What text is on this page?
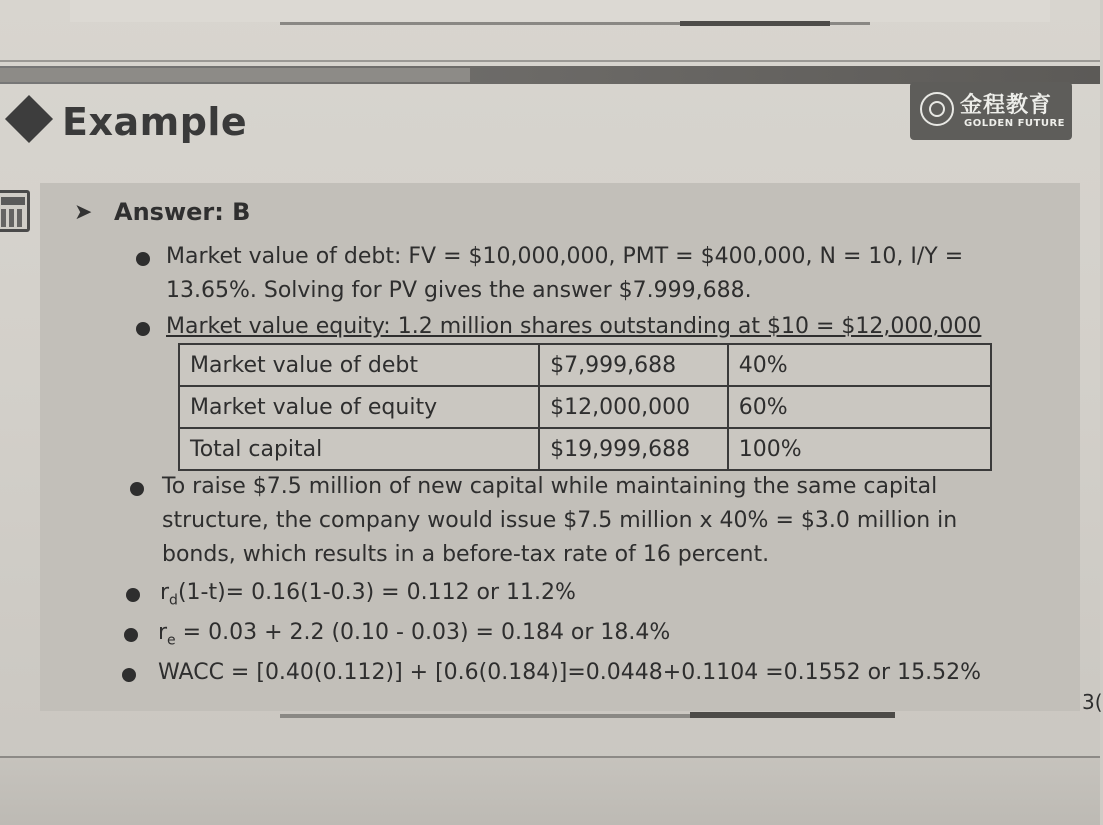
Example	金程教育
GOLDEN FUTURE
➤ Answer: B
Market value of debt: FV = $10,000,000, PMT = $400,000, N = 10, I/Y =
13.65%. Solving for PV gives the answer $7.999,688.
Market value equity: 1.2 million shares outstanding at $10 = $12,000,000
Market value of debt	$7,999,688	40%
Market value of equity	$12,000,000	60%
Total capital	$19,999,688	100%
To raise $7.5 million of new capital while maintaining the same capital
structure, the company would issue $7.5 million x 40% = $3.0 million in
bonds, which results in a before-tax rate of 16 percent.
$r_d(1-t)= 0.16(1-0.3) = 0.112$ or 11.2%
$r_e = 0.03 + 2.2$ (0.10 - 0.03) = 0.184 or 18.4%
WACC = [0.40(0.112)] + [0.6(0.184)]=0.0448+0.1104 =0.1552 or 15.52%
3(
